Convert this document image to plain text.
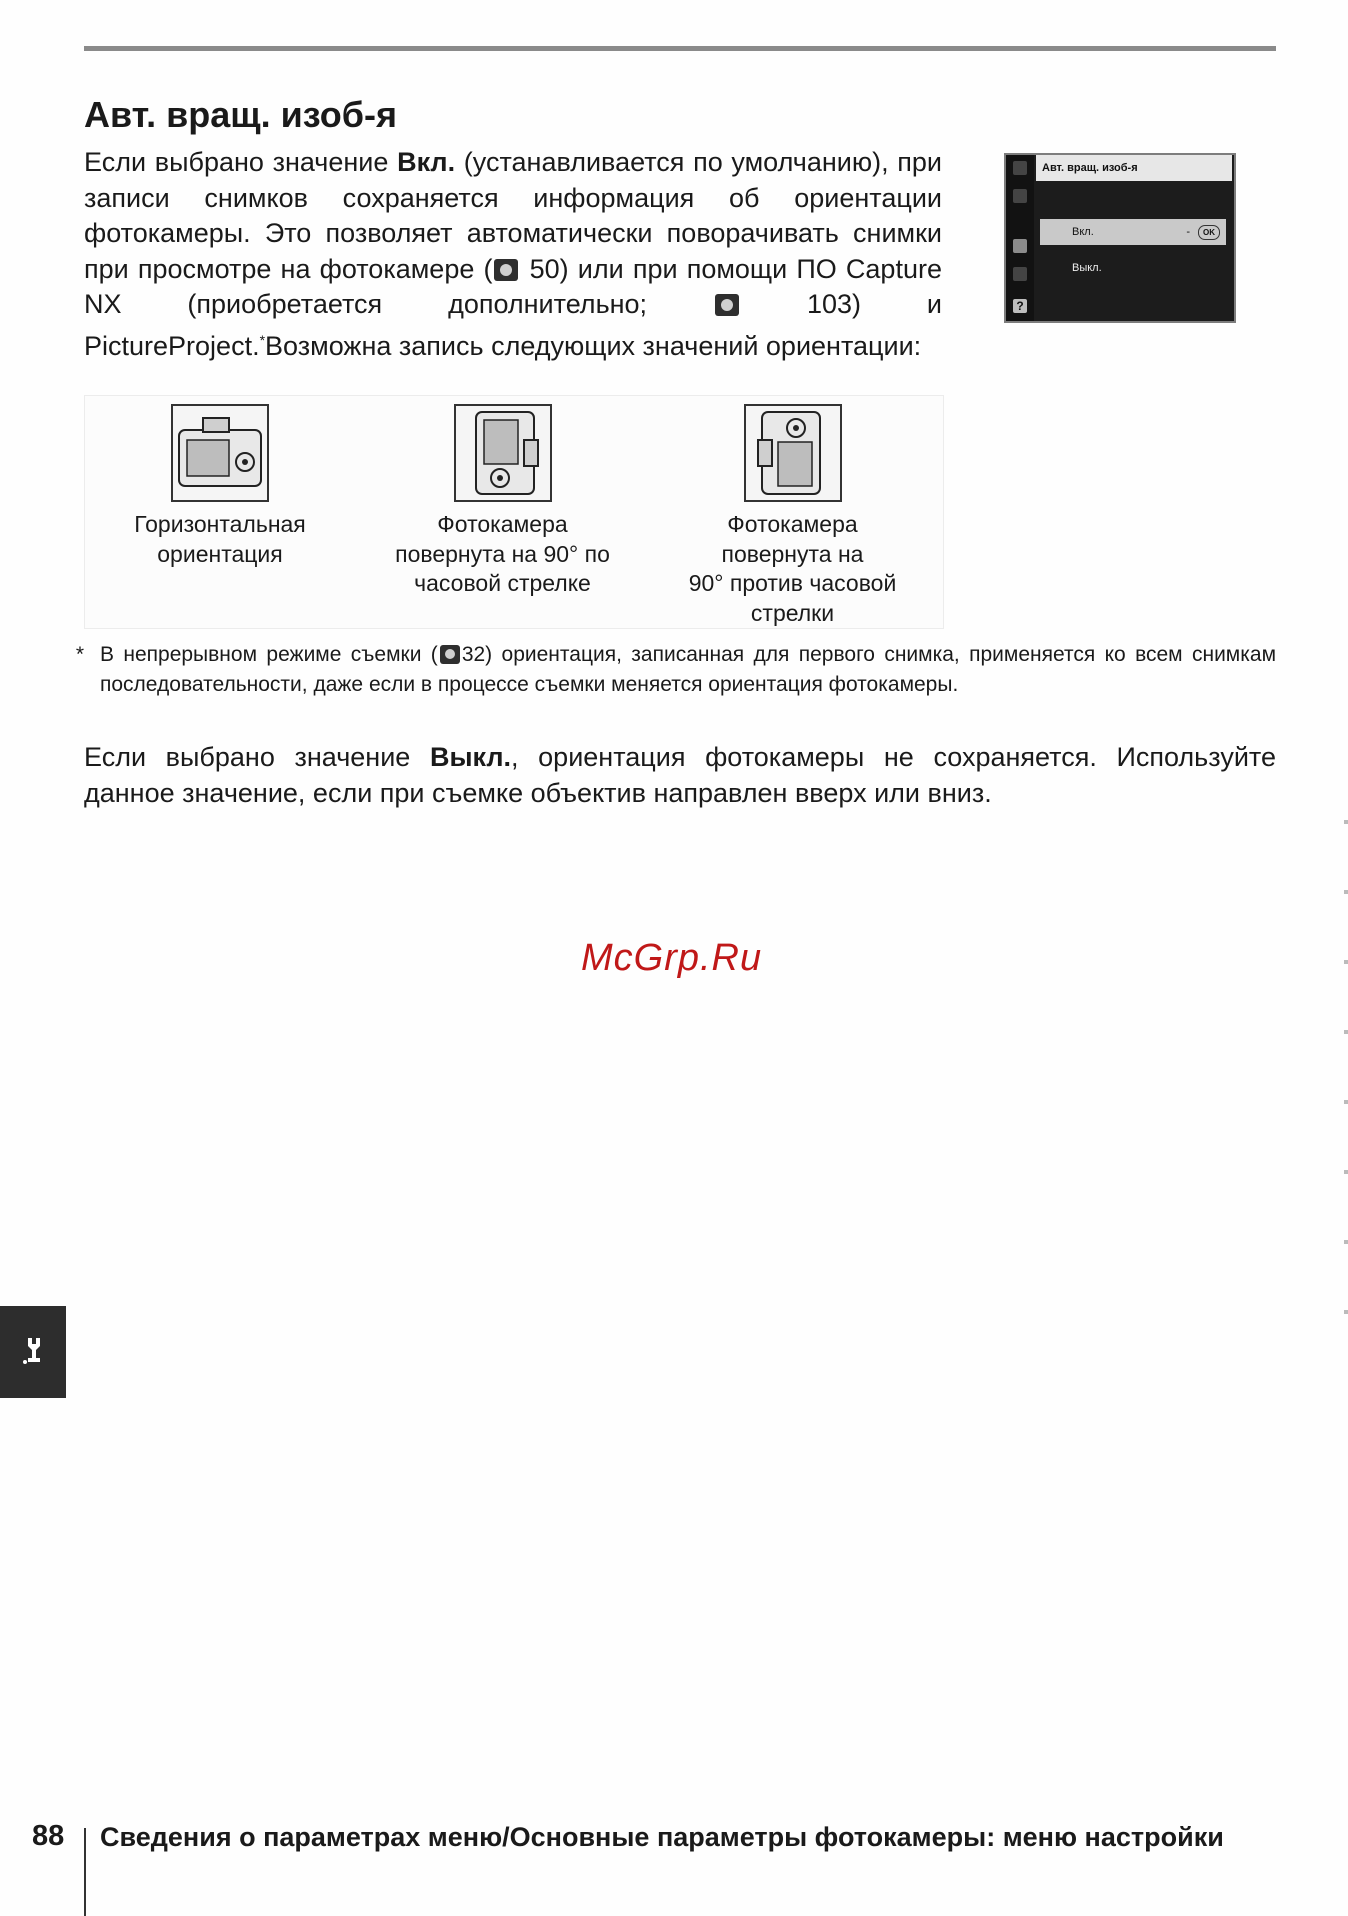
Авт. вращ. изоб-я

Если выбрано значение Вкл. (устанавливается по умолчанию), при записи снимков сохраняется информация об ориентации фотокамеры. Это позволяет автоматически поворачивать снимки при просмотре на фотокамере ( 50) или при помощи ПО Capture NX (приобретается дополнительно;	103) и PictureProject.*Возможна запись следующих значений ориентации:

?
Авт. вращ. изоб-я
Вкл.	-	OK
Выкл.
Горизонтальная
ориентация
Фотокамера
повернута на 90° по
часовой стрелке
Фотокамера
повернута на
90° против часовой
стрелки

* В непрерывном режиме съемки ( 32) ориентация, записанная для первого снимка, применяется ко всем снимкам последовательности, даже если в процессе съемки меняется ориентация фотокамеры.

Если выбрано значение Выкл., ориентация фотокамеры не сохраняется. Используйте данное значение, если при съемке объектив направлен вверх или вниз.

McGrp.Ru
88 Сведения о параметрах меню/Основные параметры фотокамеры: меню настройки
